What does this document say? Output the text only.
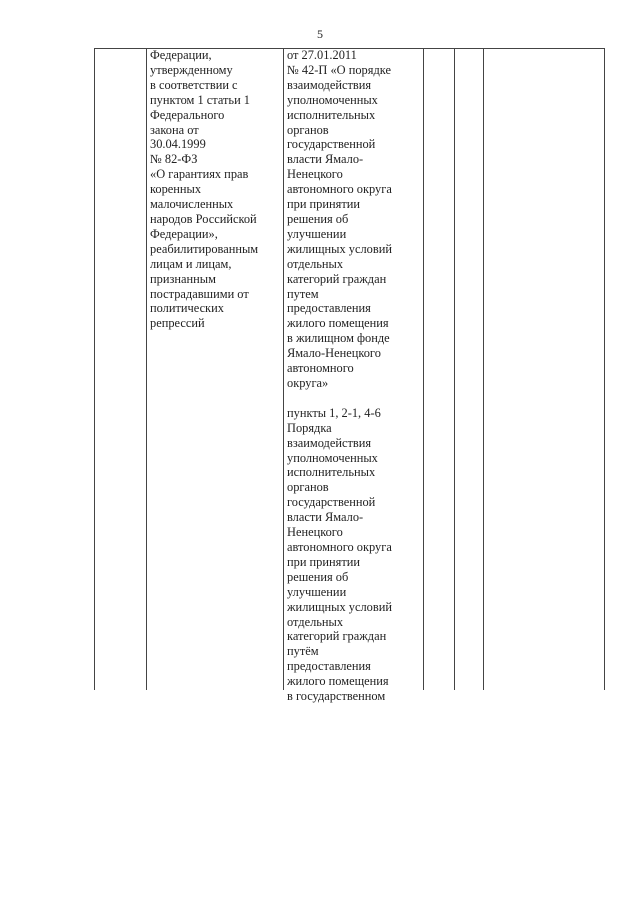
5
Федерации,
утвержденному
в соответствии с
пунктом 1 статьи 1
Федерального
закона от
30.04.1999
№ 82-ФЗ
«О гарантиях прав
коренных
малочисленных
народов Российской
Федерации»,
реабилитированным
лицам и лицам,
признанным
пострадавшими от
политических
репрессий
от 27.01.2011
№ 42-П «О порядке
взаимодействия
уполномоченных
исполнительных
органов
государственной
власти Ямало-
Ненецкого
автономного округа
при принятии
решения об
улучшении
жилищных условий
отдельных
категорий граждан
путем
предоставления
жилого помещения
в жилищном фонде
Ямало-Ненецкого
автономного
округа»
пункты 1, 2-1, 4-6
Порядка
взаимодействия
уполномоченных
исполнительных
органов
государственной
власти Ямало-
Ненецкого
автономного округа
при принятии
решения об
улучшении
жилищных условий
отдельных
категорий граждан
путём
предоставления
жилого помещения
в государственном
